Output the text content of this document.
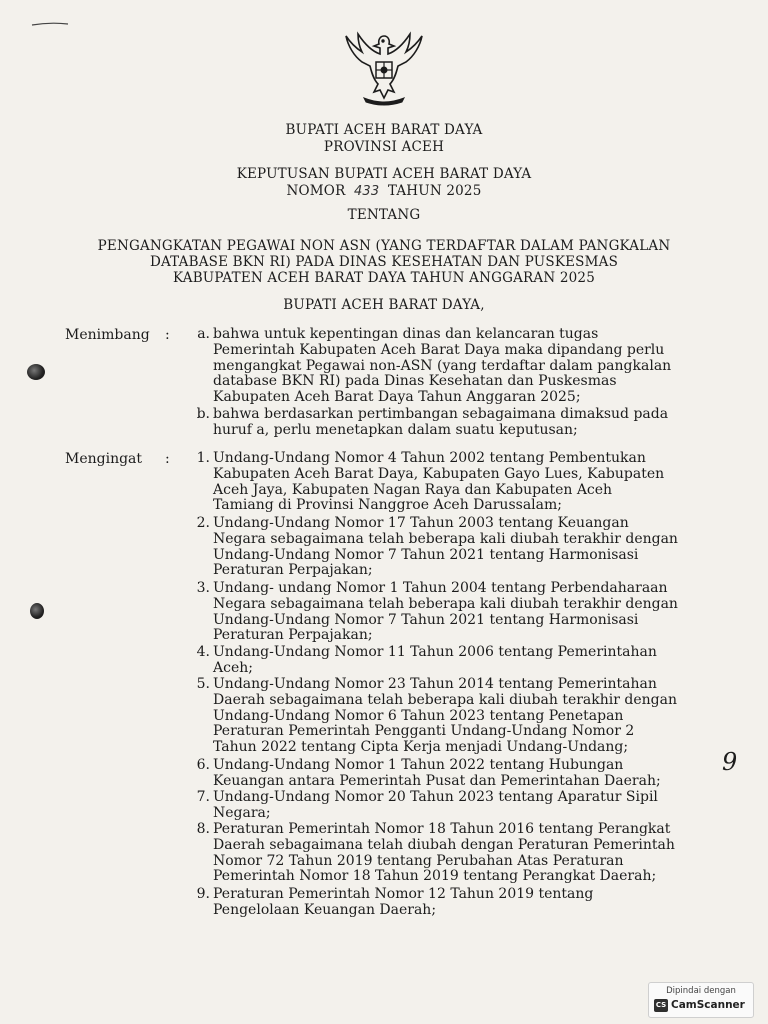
BUPATI ACEH BARAT DAYA
PROVINSI ACEH
KEPUTUSAN BUPATI ACEH BARAT DAYA
NOMOR 433 TAHUN 2025
TENTANG
PENGANGKATAN PEGAWAI NON ASN (YANG TERDAFTAR DALAM PANGKALAN
DATABASE BKN RI) PADA DINAS KESEHATAN DAN PUSKESMAS
KABUPATEN ACEH BARAT DAYA TAHUN ANGGARAN 2025
BUPATI ACEH BARAT DAYA,
Menimbang :	a. bahwa untuk kepentingan dinas dan kelancaran tugas
Pemerintah Kabupaten Aceh Barat Daya maka dipandang perlu
mengangkat Pegawai non-ASN (yang terdaftar dalam pangkalan
database BKN RI) pada Dinas Kesehatan dan Puskesmas
Kabupaten Aceh Barat Daya Tahun Anggaran 2025;
b. bahwa berdasarkan pertimbangan sebagaimana dimaksud pada
huruf a, perlu menetapkan dalam suatu keputusan;
Mengingat :	1. Undang-Undang Nomor 4 Tahun 2002 tentang Pembentukan
Kabupaten Aceh Barat Daya, Kabupaten Gayo Lues, Kabupaten
Aceh Jaya, Kabupaten Nagan Raya dan Kabupaten Aceh
Tamiang di Provinsi Nanggroe Aceh Darussalam;
2. Undang-Undang Nomor 17 Tahun 2003 tentang Keuangan
Negara sebagaimana telah beberapa kali diubah terakhir dengan
Undang-Undang Nomor 7 Tahun 2021 tentang Harmonisasi
Peraturan Perpajakan;
3. Undang- undang Nomor 1 Tahun 2004 tentang Perbendaharaan
Negara sebagaimana telah beberapa kali diubah terakhir dengan
Undang-Undang Nomor 7 Tahun 2021 tentang Harmonisasi
Peraturan Perpajakan;
4. Undang-Undang Nomor 11 Tahun 2006 tentang Pemerintahan
Aceh;
5. Undang-Undang Nomor 23 Tahun 2014 tentang Pemerintahan
Daerah sebagaimana telah beberapa kali diubah terakhir dengan
Undang-Undang Nomor 6 Tahun 2023 tentang Penetapan
Peraturan Pemerintah Pengganti Undang-Undang Nomor 2
Tahun 2022 tentang Cipta Kerja menjadi Undang-Undang;
6. Undang-Undang Nomor 1 Tahun 2022 tentang Hubungan
Keuangan antara Pemerintah Pusat dan Pemerintahan Daerah;
7. Undang-Undang Nomor 20 Tahun 2023 tentang Aparatur Sipil
Negara;
8. Peraturan Pemerintah Nomor 18 Tahun 2016 tentang Perangkat
Daerah sebagaimana telah diubah dengan Peraturan Pemerintah
Nomor 72 Tahun 2019 tentang Perubahan Atas Peraturan
Pemerintah Nomor 18 Tahun 2019 tentang Perangkat Daerah;
9. Peraturan Pemerintah Nomor 12 Tahun 2019 tentang
Pengelolaan Keuangan Daerah;
9
Dipindai dengan
CS CamScanner
